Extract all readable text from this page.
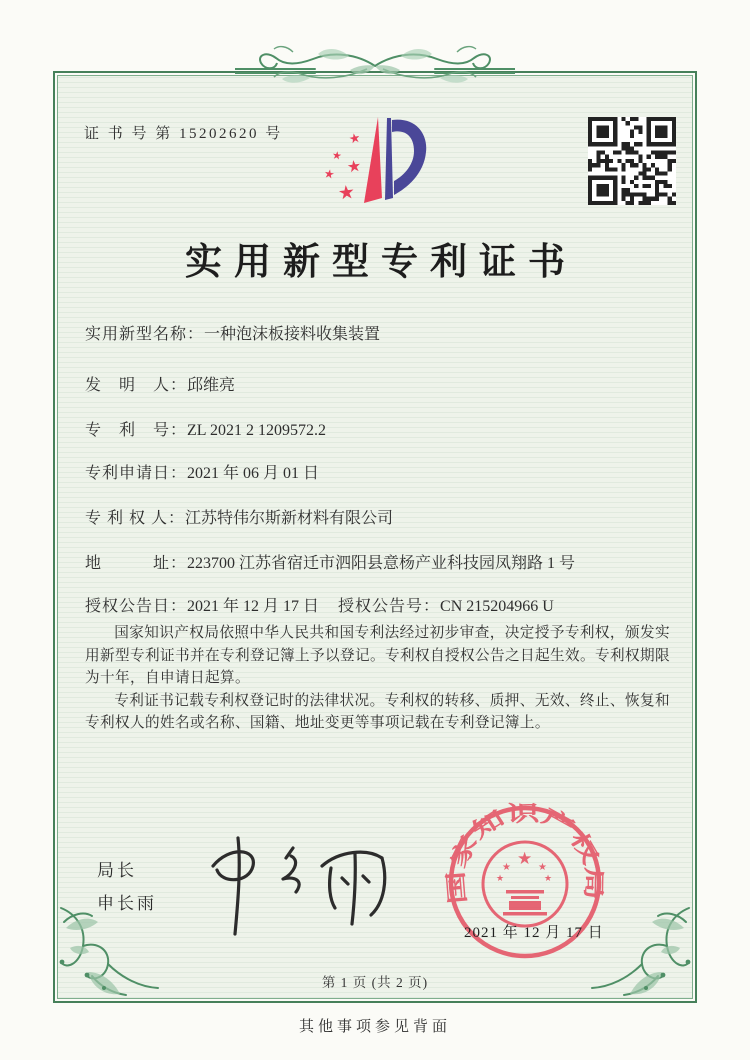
证 书 号 第 15202620 号	★
★
★
★
★
实用新型专利证书
实用新型名称：一种泡沫板接料收集装置
发　明　人：邱维亮
专　利　号：ZL 2021 2 1209572.2
专利申请日：2021 年 06 月 01 日
专 利 权 人：江苏特伟尔斯新材料有限公司
地　　　址：223700 江苏省宿迁市泗阳县意杨产业科技园凤翔路 1 号
授权公告日：2021 年 12 月 17 日 授权公告号：CN 215204966 U

国家知识产权局依照中华人民共和国专利法经过初步审查，决定授予专利权，颁发实用新型专利证书并在专利登记簿上予以登记。专利权自授权公告之日起生效。专利权期限为十年，自申请日起算。

专利证书记载专利权登记时的法律状况。专利权的转移、质押、无效、终止、恢复和专利权人的姓名或名称、国籍、地址变更等事项记载在专利登记簿上。

局长
申长雨	国家知识产权局
★
★	★
★	★
2021 年 12 月 17 日
第 1 页 (共 2 页)
其他事项参见背面
